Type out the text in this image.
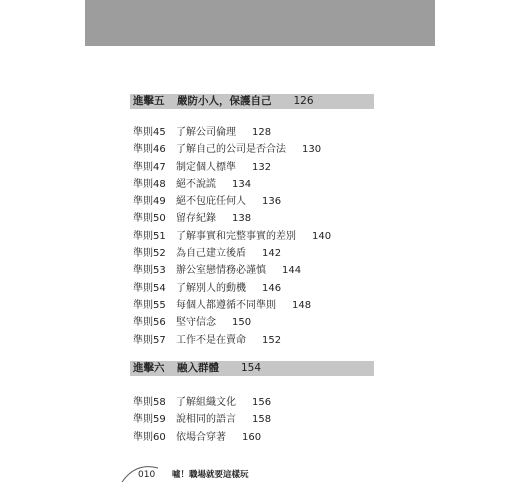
進擊五 嚴防小人，保護自己 126
準則45 了解公司倫理 128
準則46 了解自己的公司是否合法 130
準則47 制定個人標準 132
準則48 絕不說謊 134
準則49 絕不包庇任何人 136
準則50 留存紀錄 138
準則51 了解事實和完整事實的差別 140
準則52 為自己建立後盾 142
準則53 辦公室戀情務必謹慎 144
準則54 了解別人的動機 146
準則55 每個人都遵循不同準則 148
準則56 堅守信念 150
準則57 工作不是在賣命 152
進擊六 融入群體 154
準則58 了解組織文化 156
準則59 說相同的語言 158
準則60 依場合穿著 160
010 噓！職場就要這樣玩
